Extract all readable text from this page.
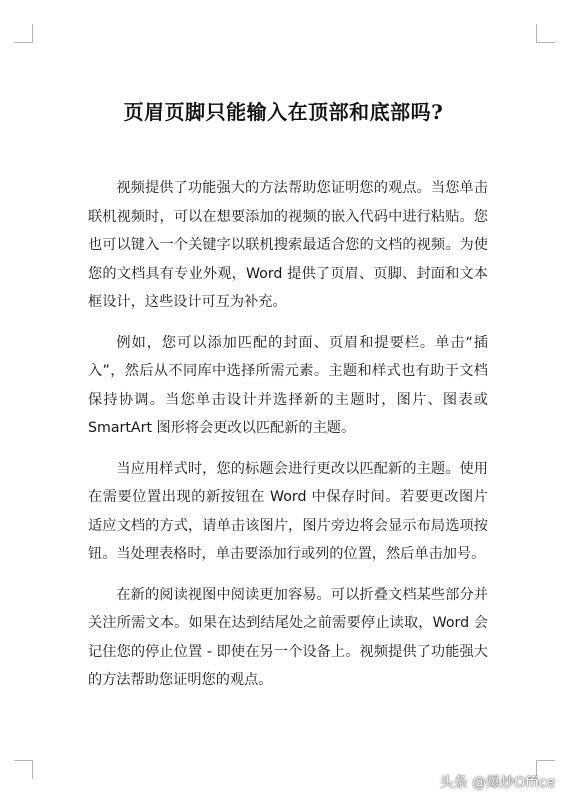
页眉页脚只能输入在顶部和底部吗?

视频提供了功能强大的方法帮助您证明您的观点。当您单击联机视频时，可以在想要添加的视频的嵌入代码中进行粘贴。您也可以键入一个关键字以联机搜索最适合您的文档的视频。为使您的文档具有专业外观，Word 提供了页眉、页脚、封面和文本框设计，这些设计可互为补充。

例如，您可以添加匹配的封面、页眉和提要栏。单击“插入”，然后从不同库中选择所需元素。主题和样式也有助于文档保持协调。当您单击设计并选择新的主题时，图片、图表或 SmartArt 图形将会更改以匹配新的主题。

当应用样式时，您的标题会进行更改以匹配新的主题。使用在需要位置出现的新按钮在 Word 中保存时间。若要更改图片适应文档的方式，请单击该图片，图片旁边将会显示布局选项按钮。当处理表格时，单击要添加行或列的位置，然后单击加号。

在新的阅读视图中阅读更加容易。可以折叠文档某些部分并关注所需文本。如果在达到结尾处之前需要停止读取，Word 会记住您的停止位置 - 即使在另一个设备上。视频提供了功能强大的方法帮助您证明您的观点。

头条 @爆炒Office
